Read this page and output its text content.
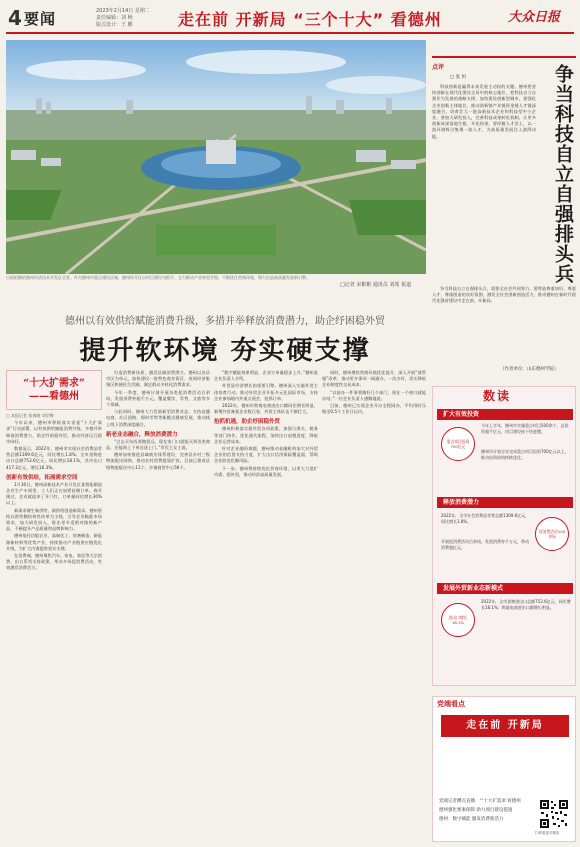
4 要闻	2023年2月14日 星期二
责任编辑：刘 畅
版式设计：王 鹏	走在前 开新局 “三个十大” 看德州	大众日报
日前拍摄的德州经济技术开发区全景。作为德州市重点建设区域，德州经开区以项目建设为抓手，全力推动产业转型升级，不断优化营商环境，聚力打造高质量发展新引擎。
□记者 宋彬彬 通讯员 刘希 报道
德州以有效供给赋能消费升级，多措并举释放消费潜力，助企纾困稳外贸
提升软环境 夯实硬支撑
“十大扩需求”
——看德州

□ 本报记者 张春晓 刘学梅

今年以来，德州市积极落实省委“十大扩需求”行动部署，以有效供给赋能消费升级，多措并举释放消费潜力，助企纾困稳外贸，推动经济运行稳中向好。

数据显示，2022年，德州市实现社会消费品零售总额1309.6亿元，同比增长1.8%；全市货物进出口总额753.6亿元，同比增长18.1%，其中出口417.2亿元，增长16.3%。

创新有效供给，拓展需求空间

1月30日，德州高新技术产业开发区某智能制造企业生产车间里，工人们正在加紧赶制订单。春节刚过，企业就迎来了开门红，订单量同比增长30%以上。

新需求催生新供给，新供给创造新需求。德州坚持以供给侧结构性改革为主线，引导企业瞄准市场需求，加大研发投入，推出更多适销对路的新产品，不断提升产品质量和品牌影响力。

德州依托功能农业、高端化工、装备制造、新能源新材料等优势产业，持续推动产业链供应链优化升级，为扩大内需提供坚实支撑。

在消费端，德州聚焦汽车、家电、家居等大宗消费，出台系列支持政策，举办多场促消费活动，有效激发消费活力。

打造消费新场景，激活县域消费潜力。德州以各县市区为单元，加快建设一批特色商业街区、夜间经济集聚区和便民生活圈，满足群众多样化消费需求。

今年一季度，德州计划开展各类促消费活动百余场，发放消费券超千万元，覆盖餐饮、零售、文旅等多个领域。

与此同时，德州大力发展新型消费业态，支持直播电商、社区团购、即时零售等新模式健康发展，推动线上线下消费深度融合。

新老业态融合，释放消费潜力

“过去买东西要跑很远，现在家门口就能买到各类商品，还能网上下单送货上门。”市民王女士说。

德州加快推进县域商业体系建设，完善县乡村三级物流配送网络，推动农村消费提质扩容。目前已建成县级物流配送中心11个、乡镇商贸中心56个。

“数字赋能效果明显，企业订单量稳步上升。”德州某企业负责人介绍。

外贸是经济增长的重要引擎。德州深入实施外贸主体培育行动，推动外贸企业开拓多元化国际市场，支持企业参加境内外重点展会，抢抓订单。

2022年，德州市跨境电商进出口额同比增长明显，新增外贸备案企业数百家，外贸主体队伍不断壮大。

抢抓机遇，助企纾困稳外贸

德州积极落实稳外贸各项政策，加强与海关、税务等部门协作，优化通关流程，加快出口退税进度，降低企业运营成本。

针对企业融资难题，德州推动金融机构加大对外贸企业的信贷支持力度，扩大出口信用保险覆盖面，帮助企业防范化解风险。

下一步，德州将持续优化营商环境，以更大力度扩内需、稳外贸，推动经济高质量发展。

同时，德州聚焦营商环境优化提升，深入开展“放管服”改革，推动更多事项一网通办、一次办好，切实降低企业制度性交易成本。

“以前办一件事要跑好几个部门，现在一个窗口就能办结。”一位企业负责人感慨地说。

目前，德州已实现企业开办全程网办，平均用时压缩至0.5个工作日以内。

点评
□ 张 恒	争当科技自立自强排头兵

科技创新是赢得未来发展主动权的关键。德州要坚持创新在现代化建设全局中的核心地位，把科技自立自强作为发展的战略支撑，加快建设创新型城市。要强化企业创新主体地位，推动创新链产业链资金链人才链深度融合，培育壮大一批高新技术企业和科技型中小企业。要加大研发投入，完善科技成果转化机制，让更多创新成果落地生根、开花结果。要厚植人才沃土，以一流环境吸引集聚一流人才，为高质量发展注入澎湃动能。

争当科技自立自强排头兵，需要全社会共同努力。要营造尊重知识、尊重人才、尊重创造的良好氛围，激发全社会创新创造活力，推动德州在新时代现代化强省建设中走在前、开新局。

（作者单位：山东德州学院）
数读
扩大有效投资
今年上半年，德州市实施重点项目500余个，总投资超千亿元，项目建设按下快进键。
重点项目投资700亿元
德州市计划全年完成重点项目投资700亿元以上，推动投资结构持续优化。
释放消费潜力
2022年，全市社会消费品零售总额1309.6亿元，同比增长1.8%。
促消费活动100余场
开展促消费活动百余场，发放消费券千万元，带动消费超亿元。
发展外贸新业态新模式
2022年，全市货物进出口总额753.6亿元，同比增长18.1%；跨境电商进出口额增长明显。
进出口增长18.1%
党端看点
走在前 开新局
党端记者蹲点直播：“‘十大扩需求’看德州
德州强化要素保障 助力项目建设提速
德州：数字赋能 激发消费新活力
扫码看更多精彩
